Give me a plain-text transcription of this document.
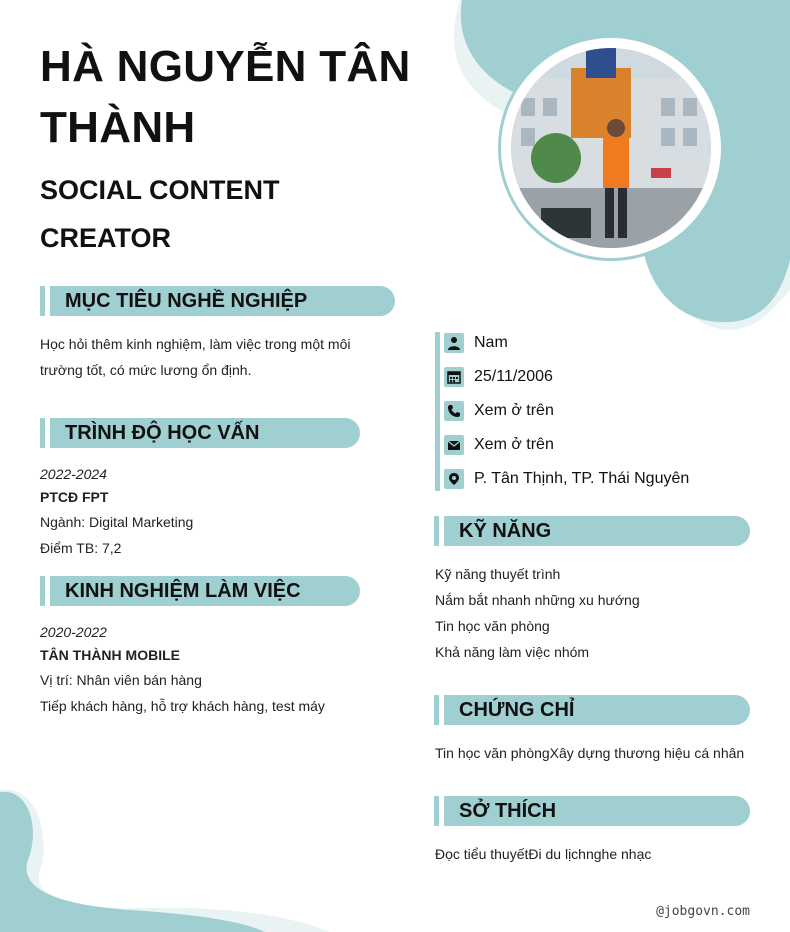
HÀ NGUYỄN TÂN THÀNH
SOCIAL CONTENT CREATOR
MỤC TIÊU NGHỀ NGHIỆP
Học hỏi thêm kinh nghiệm, làm việc trong một môi
trường tốt, có mức lương ổn định.
TRÌNH ĐỘ HỌC VẤN
2022-2024
PTCĐ FPT
Ngành: Digital Marketing
Điểm TB: 7,2
KINH NGHIỆM LÀM VIỆC
2020-2022
TÂN THÀNH MOBILE
Vị trí: Nhân viên bán hàng
Tiếp khách hàng, hỗ trợ khách hàng, test máy
Nam
25/11/2006
Xem ở trên
Xem ở trên
P. Tân Thịnh, TP. Thái Nguyên
KỸ NĂNG
Kỹ năng thuyết trình
Nắm bắt nhanh những xu hướng
Tin học văn phòng
Khả năng làm việc nhóm
CHỨNG CHỈ
Tin học văn phòngXây dựng thương hiệu cá nhân
SỞ THÍCH
Đọc tiểu thuyếtĐi du lịchnghe nhạc
@jobgovn.com
